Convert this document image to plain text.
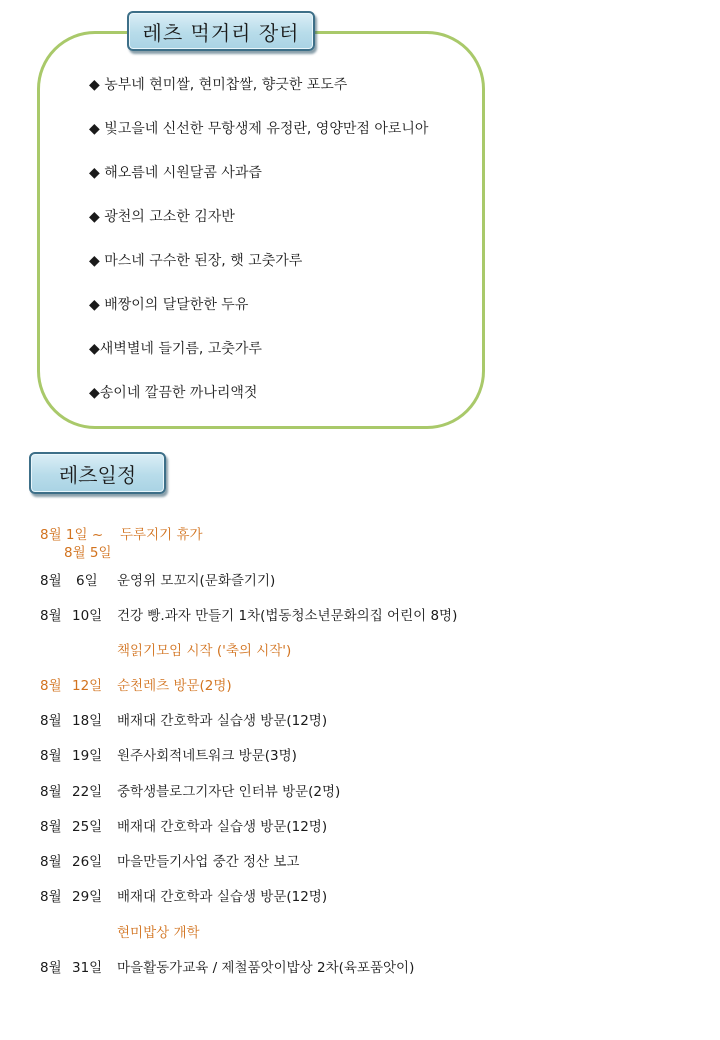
레츠 먹거리 장터
◆ 농부네 현미쌀, 현미찹쌀, 향긋한 포도주
◆ 빛고을네 신선한 무항생제 유정란, 영양만점 아로니아
◆ 해오름네 시원달콤 사과즙
◆ 광천의 고소한 김자반
◆ 마스네 구수한 된장, 햇 고춧가루
◆ 배짱이의 달달한한 두유
◆새벽별네 들기름, 고춧가루
◆송이네 깔끔한 까나리액젓
레츠일정
8월 1일 ~ 두루지기 휴가
8월 5일
8월 6일 운영위 모꼬지(문화즐기기)
8월 10일 건강 빵.과자 만들기 1차(법동청소년문화의집 어린이 8명)
책읽기모임 시작 ('축의 시작')
8월 12일 순천레츠 방문(2명)
8월 18일 배재대 간호학과 실습생 방문(12명)
8월 19일 원주사회적네트워크 방문(3명)
8월 22일 중학생블로그기자단 인터뷰 방문(2명)
8월 25일 배재대 간호학과 실습생 방문(12명)
8월 26일 마을만들기사업 중간 정산 보고
8월 29일 배재대 간호학과 실습생 방문(12명)
현미밥상 개학
8월 31일 마을활동가교육 / 제철품앗이밥상 2차(육포품앗이)
